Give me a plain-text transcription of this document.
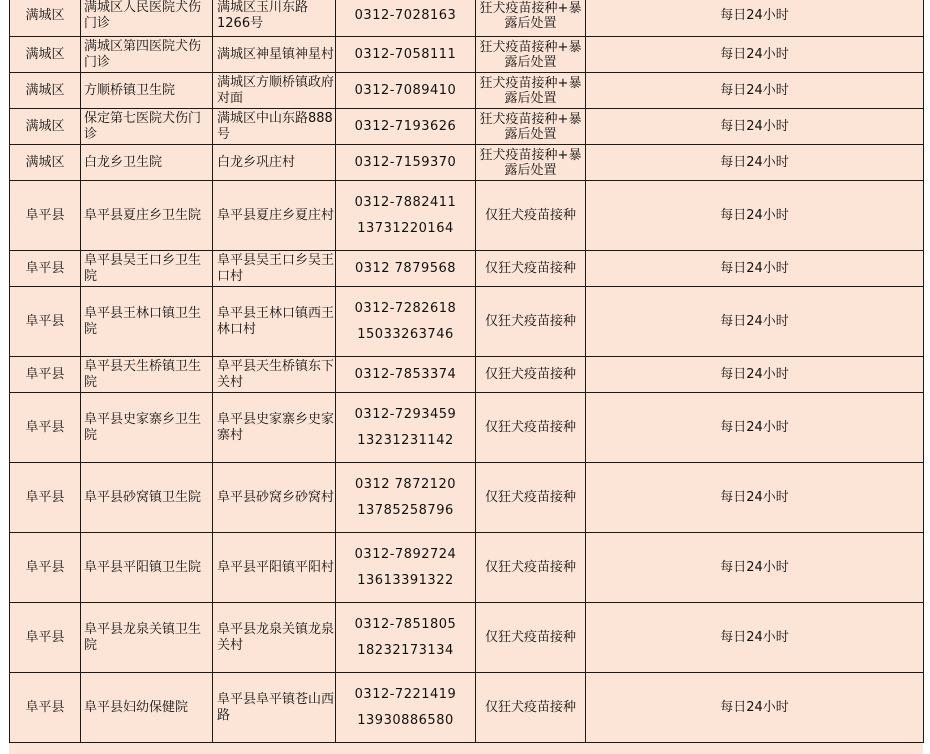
满城区	满城区人民医院犬伤门诊	满城区玉川东路1266号	0312-7028163	狂犬疫苗接种+暴露后处置	每日24小时

满城区	满城区第四医院犬伤门诊	满城区神星镇神星村	0312-7058111	狂犬疫苗接种+暴露后处置	每日24小时

满城区	方顺桥镇卫生院	满城区方顺桥镇政府对面	0312-7089410	狂犬疫苗接种+暴露后处置	每日24小时

满城区	保定第七医院犬伤门诊	满城区中山东路888号	0312-7193626	狂犬疫苗接种+暴露后处置	每日24小时

满城区	白龙乡卫生院	白龙乡巩庄村	0312-7159370	狂犬疫苗接种+暴露后处置	每日24小时

阜平县	阜平县夏庄乡卫生院	阜平县夏庄乡夏庄村	0312-7882411
13731220164	仅狂犬疫苗接种	每日24小时

阜平县	阜平县吴王口乡卫生院	阜平县吴王口乡吴王口村	0312 7879568	仅狂犬疫苗接种	每日24小时

阜平县	阜平县王林口镇卫生院	阜平县王林口镇西王林口村	0312-7282618
15033263746	仅狂犬疫苗接种	每日24小时

阜平县	阜平县天生桥镇卫生院	阜平县天生桥镇东下关村	0312-7853374	仅狂犬疫苗接种	每日24小时

阜平县	阜平县史家寨乡卫生院	阜平县史家寨乡史家寨村	0312-7293459
13231231142	仅狂犬疫苗接种	每日24小时

阜平县	阜平县砂窝镇卫生院	阜平县砂窝乡砂窝村	0312 7872120
13785258796	仅狂犬疫苗接种	每日24小时

阜平县	阜平县平阳镇卫生院	阜平县平阳镇平阳村	0312-7892724
13613391322	仅狂犬疫苗接种	每日24小时

阜平县	阜平县龙泉关镇卫生院	阜平县龙泉关镇龙泉关村	0312-7851805
18232173134	仅狂犬疫苗接种	每日24小时

阜平县	阜平县妇幼保健院	阜平县阜平镇苍山西路	0312-7221419
13930886580	仅狂犬疫苗接种	每日24小时
